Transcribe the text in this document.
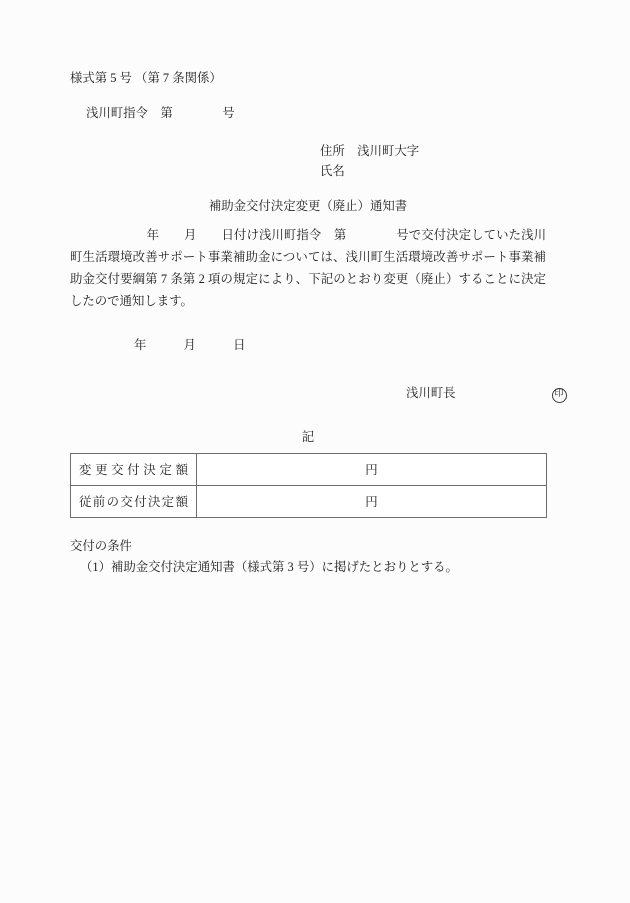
様式第 5 号 （第 7 条関係）
浅川町指令　第　　　　号
住所　浅川町大字
氏名
補助金交付決定変更（廃止）通知書

　年　　月　　日付け浅川町指令　第　　　　号で交付決定していた浅川町生活環境改善サポート事業補助金については、浅川町生活環境改善サポート事業補助金交付要綱第 7 条第 2 項の規定により、下記のとおり変更（廃止）することに決定したので通知します。

年　　　月　　　日
浅川町長	印
記
変更交付決定額	円
従前の交付決定額	円
交付の条件
（1）補助金交付決定通知書（様式第 3 号）に掲げたとおりとする。
